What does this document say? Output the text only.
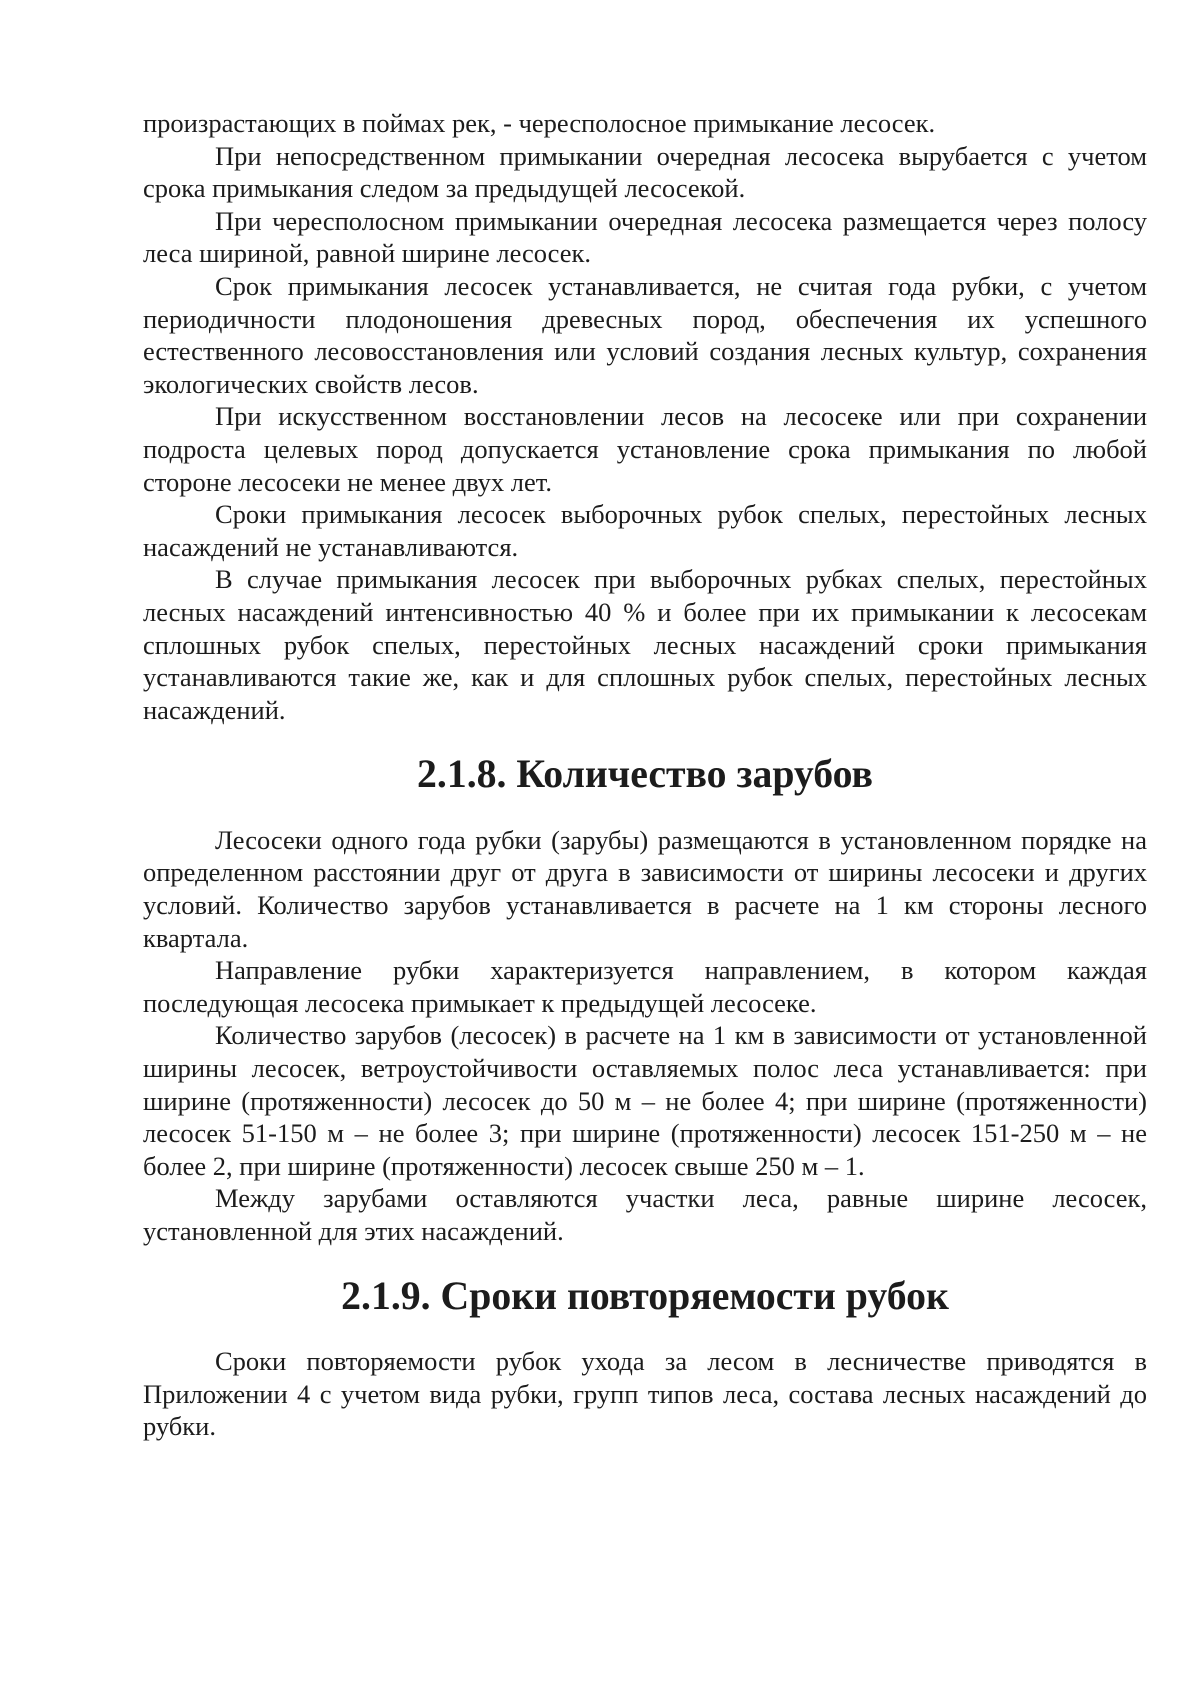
произрастающих в поймах рек, - чересполосное примыкание лесосек.

При непосредственном примыкании очередная лесосека вырубается с учетом срока примыкания следом за предыдущей лесосекой.

При чересполосном примыкании очередная лесосека размещается через полосу леса шириной, равной ширине лесосек.

Срок примыкания лесосек устанавливается, не считая года рубки, с учетом периодичности плодоношения древесных пород, обеспечения их успешного естественного лесовосстановления или условий создания лесных культур, сохранения экологических свойств лесов.

При искусственном восстановлении лесов на лесосеке или при сохранении подроста целевых пород допускается установление срока примыкания по любой стороне лесосеки не менее двух лет.

Сроки примыкания лесосек выборочных рубок спелых, перестойных лесных насаждений не устанавливаются.

В случае примыкания лесосек при выборочных рубках спелых, перестойных лесных насаждений интенсивностью 40 % и более при их примыкании к лесосекам сплошных рубок спелых, перестойных лесных насаждений сроки примыкания устанавливаются такие же, как и для сплошных рубок спелых, перестойных лесных насаждений.

2.1.8. Количество зарубов

Лесосеки одного года рубки (зарубы) размещаются в установленном порядке на определенном расстоянии друг от друга в зависимости от ширины лесосеки и других условий. Количество зарубов устанавливается в расчете на 1 км стороны лесного квартала.

Направление рубки характеризуется направлением, в котором каждая последующая лесосека примыкает к предыдущей лесосеке.

Количество зарубов (лесосек) в расчете на 1 км в зависимости от установленной ширины лесосек, ветроустойчивости оставляемых полос леса устанавливается: при ширине (протяженности) лесосек до 50 м – не более 4; при ширине (протяженности) лесосек 51-150 м – не более 3; при ширине (протяженности) лесосек 151-250 м – не более 2, при ширине (протяженности) лесосек свыше 250 м – 1.

Между зарубами оставляются участки леса, равные ширине лесосек, установленной для этих насаждений.

2.1.9. Сроки повторяемости рубок

Сроки повторяемости рубок ухода за лесом в лесничестве приводятся в Приложении 4 с учетом вида рубки, групп типов леса, состава лесных насаждений до рубки.
